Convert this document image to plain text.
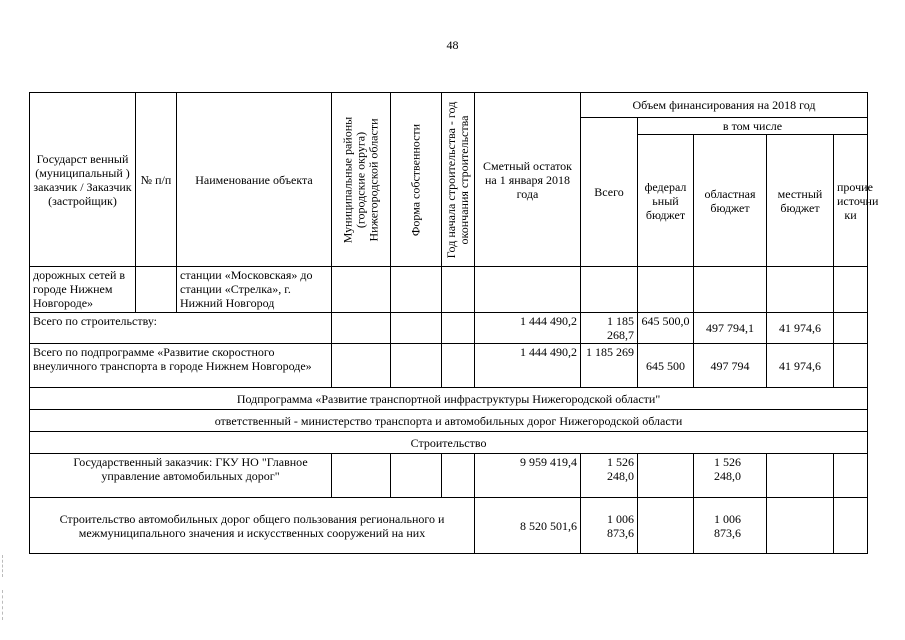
48
Государст венный (муниципальный ) заказчик / Заказчик (застройщик)	№ п/п	Наименование объекта	Муниципальные районы (городские округа) Нижегородской области	Форма собственности	Год начала строительства - год окончания строительства	Сметный остаток на 1 января 2018 года	Объем финансирования на 2018 год				
							Всего	в том числе			
								федерал ьный бюджет	областная бюджет	местный бюджет	прочие источни ки
дорожных сетей в городе Нижнем Новгороде»		станции «Московская» до станции «Стрелка», г. Нижний Новгород									
Всего по строительству:						1 444 490,2	1 185 268,7	645 500,0	497 794,1	41 974,6	
Всего по подпрограмме «Развитие скоростного внеуличного транспорта в городе Нижнем Новгороде»						1 444 490,2	1 185 269	645 500	497 794	41 974,6	
Подпрограмма «Развитие транспортной инфраструктуры Нижегородской области"											
ответственный - министерство транспорта и автомобильных дорог Нижегородской области											
Строительство											
Государственный заказчик: ГКУ НО "Главное управление автомобильных дорог"						9 959 419,4	1 526 248,0		1 526 248,0		
Строительство автомобильных дорог общего пользования регионального и межмуниципального значения и искусственных сооружений на них						8 520 501,6	1 006 873,6		1 006 873,6		
